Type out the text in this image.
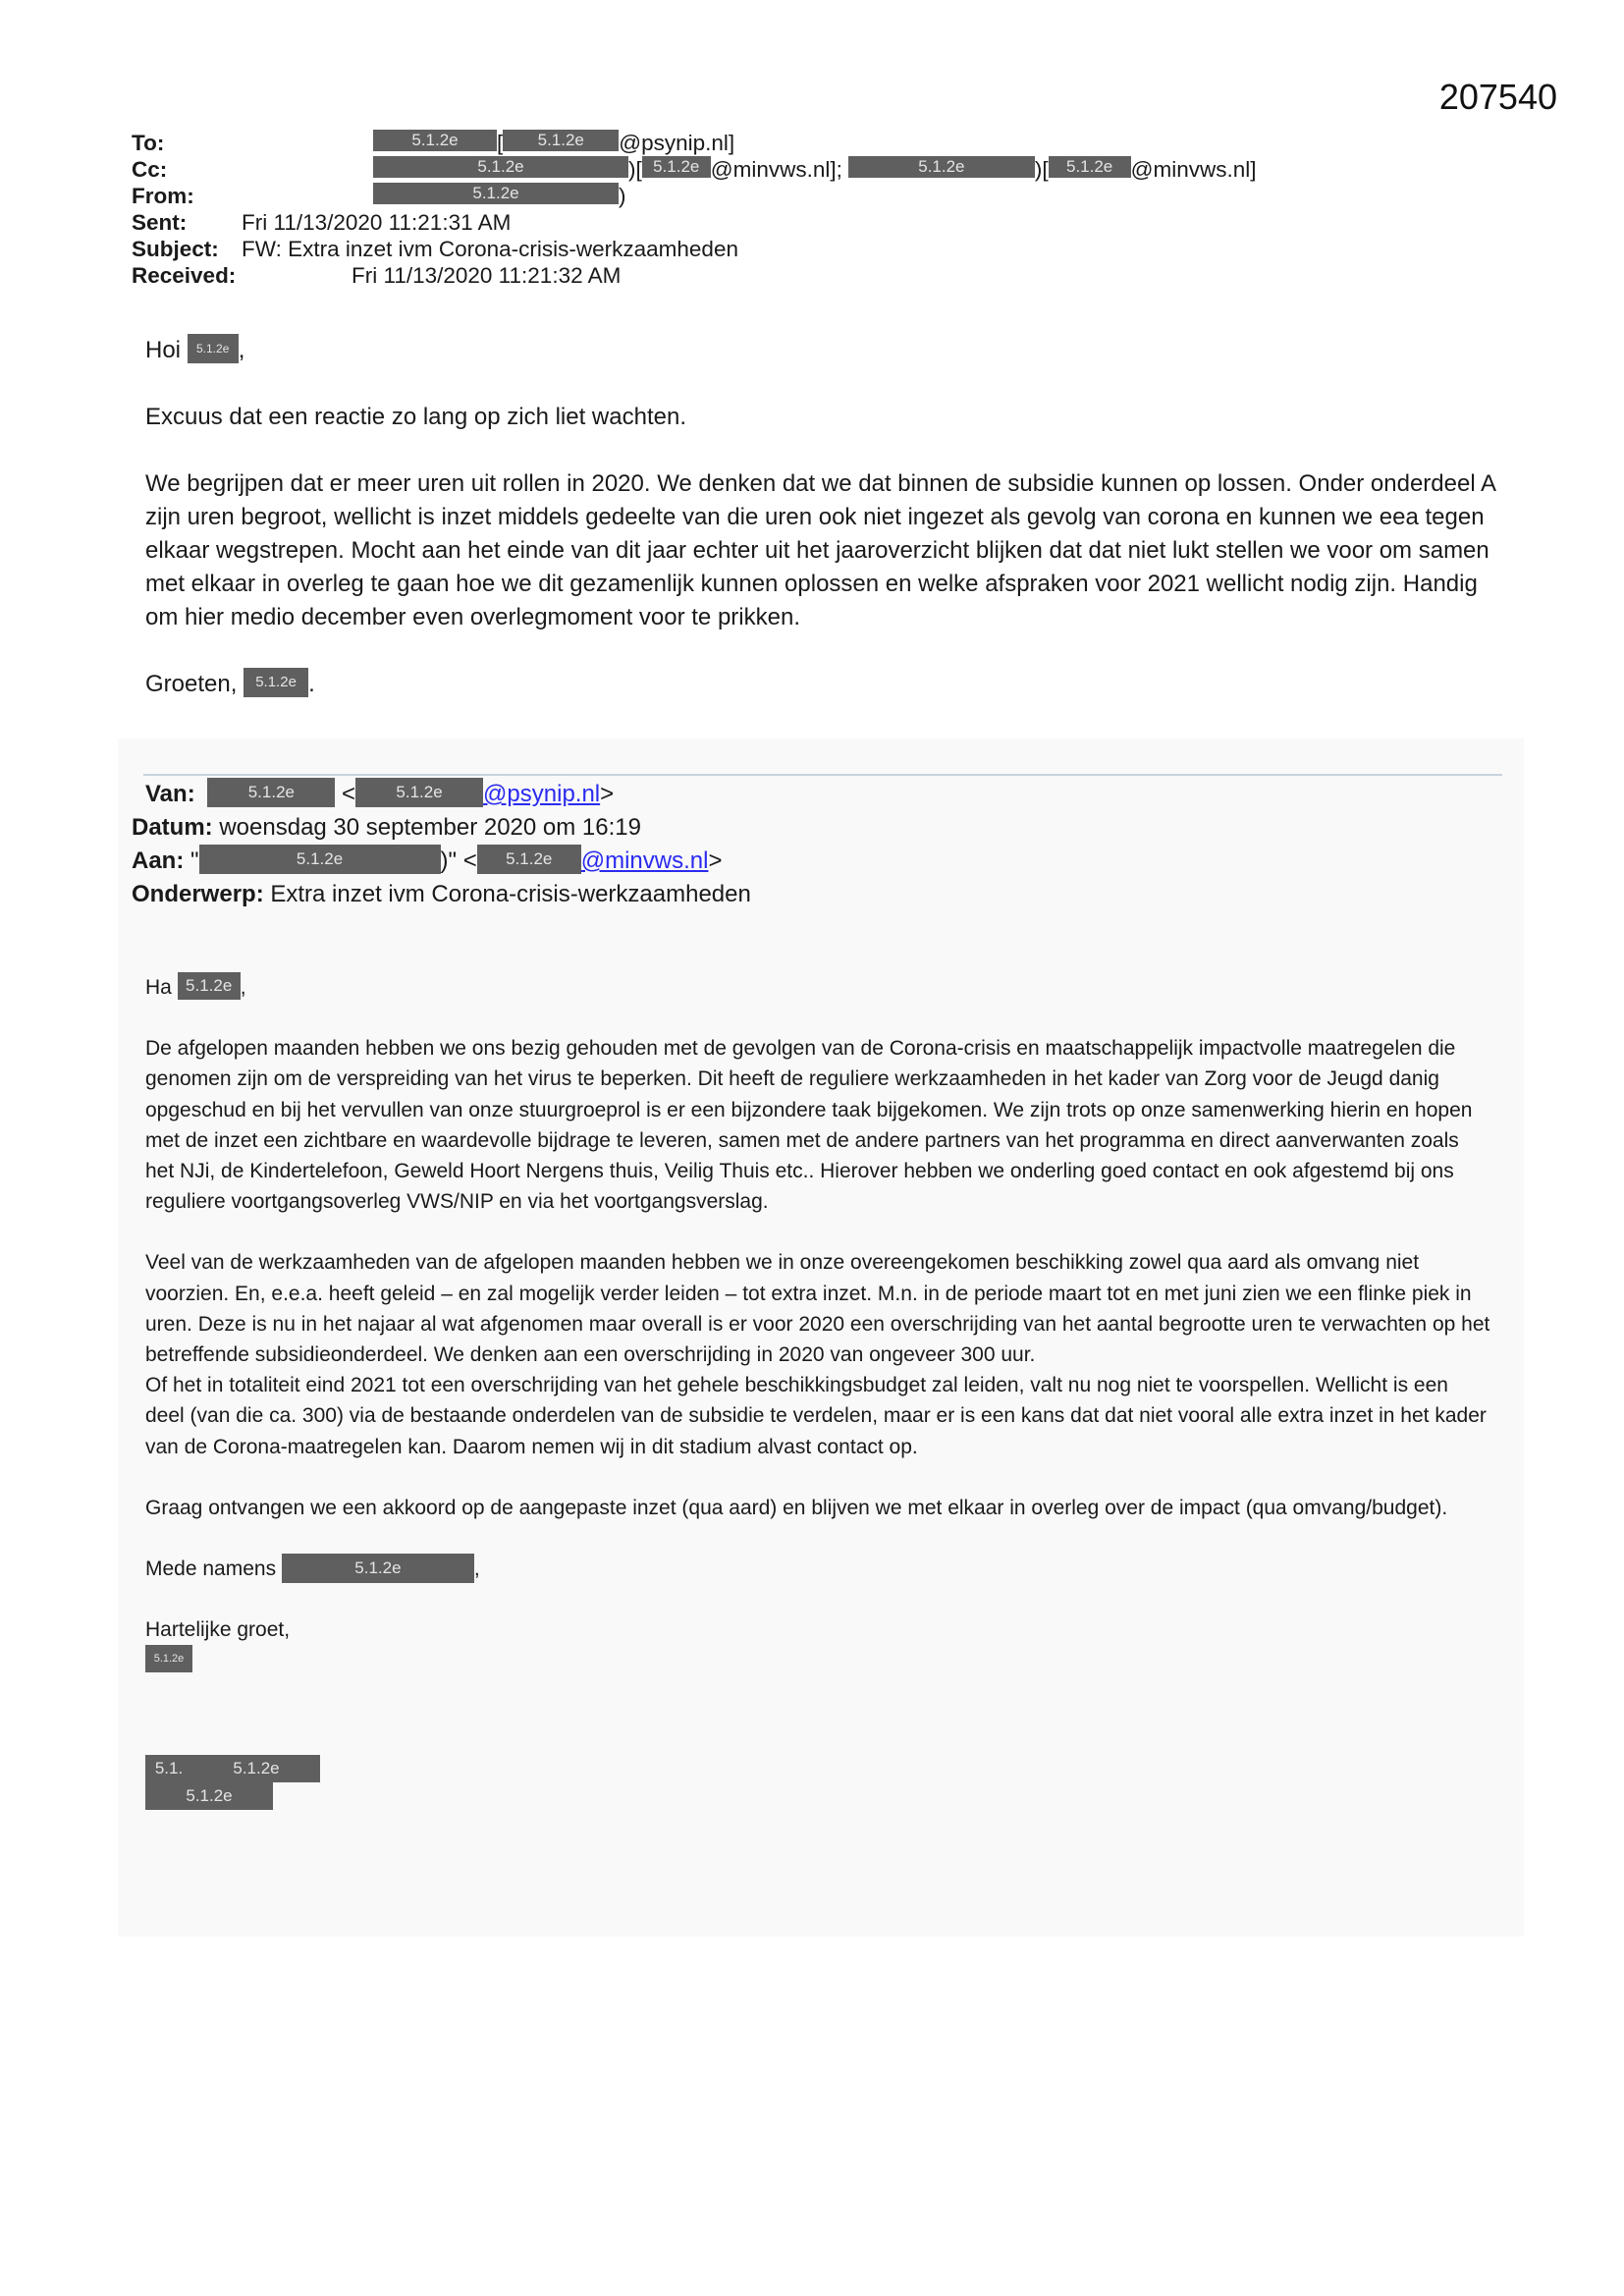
207540
To:	5.1.2e [ 5.1.2e @psynip.nl]
Cc:	5.1.2e	)[ 5.1.2e @minvws.nl];	5.1.2e	)[ 5.1.2e @minvws.nl]
From:	5.1.2e	)
Sent: Fri 11/13/2020 11:21:31 AM
Subject: FW: Extra inzet ivm Corona-crisis-werkzaamheden
Received:	Fri 11/13/2020 11:21:32 AM

Hoi 5.1.2e ,

Excuus dat een reactie zo lang op zich liet wachten.

We begrijpen dat er meer uren uit rollen in 2020. We denken dat we dat binnen de subsidie kunnen op lossen. Onder onderdeel A zijn uren begroot, wellicht is inzet middels gedeelte van die uren ook niet ingezet als gevolg van corona en kunnen we eea tegen elkaar wegstrepen. Mocht aan het einde van dit jaar echter uit het jaaroverzicht blijken dat dat niet lukt stellen we voor om samen met elkaar in overleg te gaan hoe we dit gezamenlijk kunnen oplossen en welke afspraken voor 2021 wellicht nodig zijn. Handig om hier medio december even overlegmoment voor te prikken.

Groeten, 5.1.2e .

Van:	5.1.2e < 5.1.2e @psynip.nl>
Datum: woensdag 30 september 2020 om 16:19
Aan: "	5.1.2e	)" < 5.1.2e @minvws.nl>
Onderwerp: Extra inzet ivm Corona-crisis-werkzaamheden

Ha 5.1.2e ,

De afgelopen maanden hebben we ons bezig gehouden met de gevolgen van de Corona-crisis en maatschappelijk impactvolle maatregelen die genomen zijn om de verspreiding van het virus te beperken. Dit heeft de reguliere werkzaamheden in het kader van Zorg voor de Jeugd danig opgeschud en bij het vervullen van onze stuurgroeprol is er een bijzondere taak bijgekomen. We zijn trots op onze samenwerking hierin en hopen met de inzet een zichtbare en waardevolle bijdrage te leveren, samen met de andere partners van het programma en direct aanverwanten zoals het NJi, de Kindertelefoon, Geweld Hoort Nergens thuis, Veilig Thuis etc.. Hierover hebben we onderling goed contact en ook afgestemd bij ons reguliere voortgangsoverleg VWS/NIP en via het voortgangsverslag.

Veel van de werkzaamheden van de afgelopen maanden hebben we in onze overeengekomen beschikking zowel qua aard als omvang niet voorzien. En, e.e.a. heeft geleid – en zal mogelijk verder leiden – tot extra inzet. M.n. in de periode maart tot en met juni zien we een flinke piek in uren. Deze is nu in het najaar al wat afgenomen maar overall is er voor 2020 een overschrijding van het aantal begrootte uren te verwachten op het betreffende subsidieonderdeel. We denken aan een overschrijding in 2020 van ongeveer 300 uur.

Of het in totaliteit eind 2021 tot een overschrijding van het gehele beschikkingsbudget zal leiden, valt nu nog niet te voorspellen. Wellicht is een deel (van die ca. 300) via de bestaande onderdelen van de subsidie te verdelen, maar er is een kans dat dat niet vooral alle extra inzet in het kader van de Corona-maatregelen kan. Daarom nemen wij in dit stadium alvast contact op.

Graag ontvangen we een akkoord op de aangepaste inzet (qua aard) en blijven we met elkaar in overleg over de impact (qua omvang/budget).

Mede namens	5.1.2e	,

Hartelijke groet,

5.1.2e
5.1.	5.1.2e
5.1.2e
